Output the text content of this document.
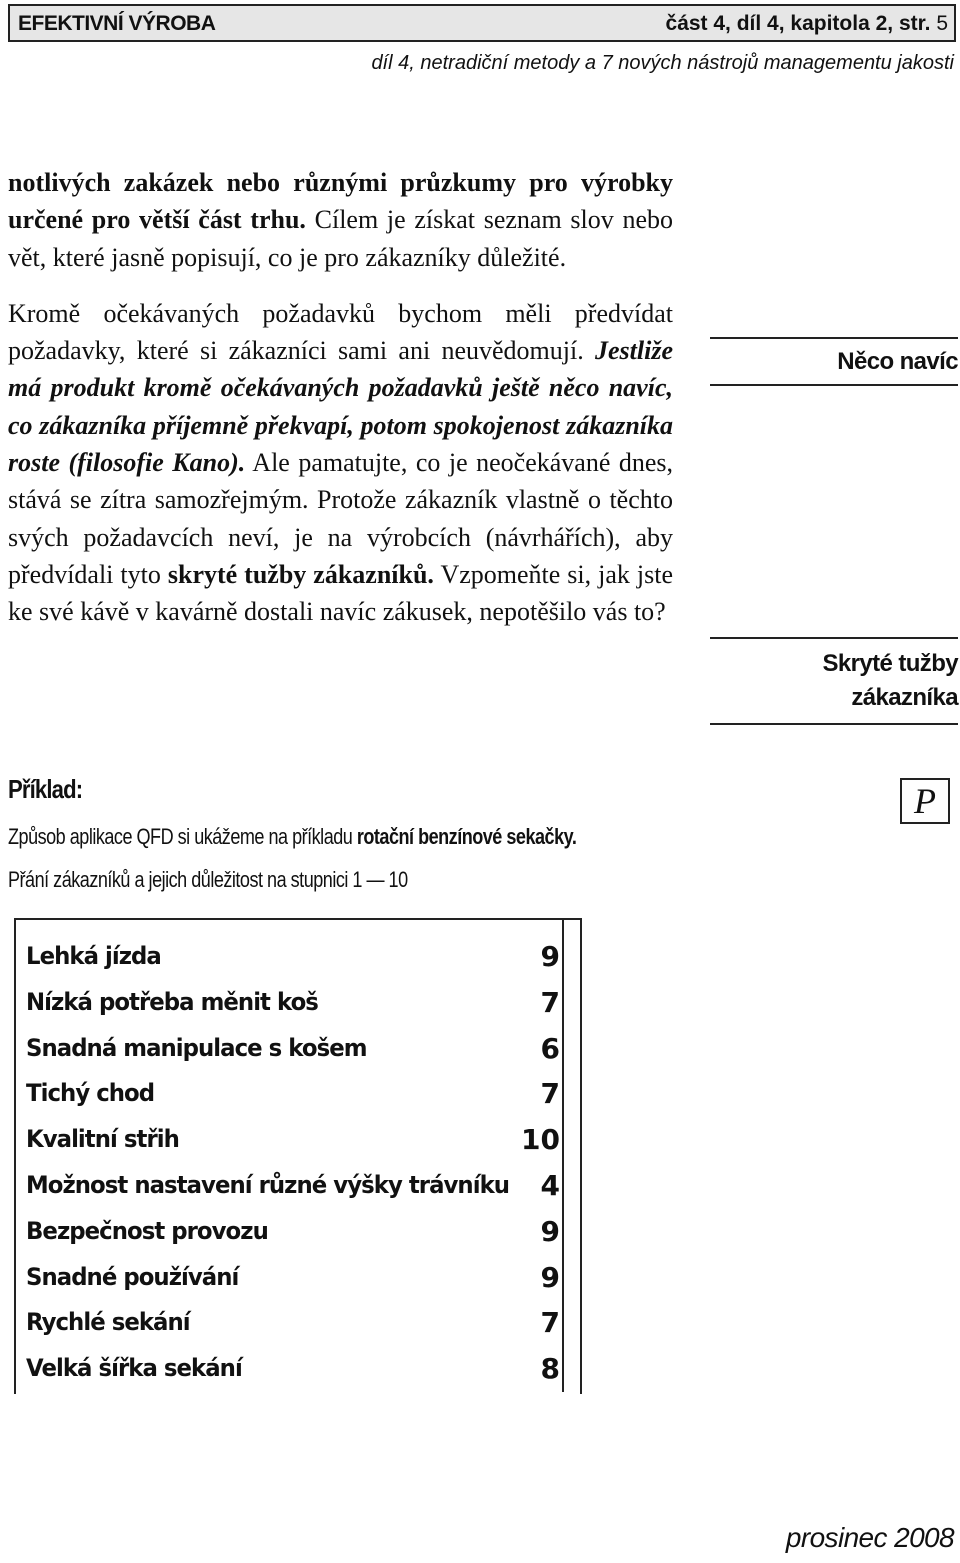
EFEKTIVNÍ VÝROBA	část 4, díl 4, kapitola 2, str. 5
díl 4, netradiční metody a 7 nových nástrojů managementu jakosti

notlivých zakázek nebo různými průzkumy pro výrobky určené pro větší část trhu. Cílem je získat seznam slov nebo vět, které jasně popisují, co je pro zákazníky důležité.

Kromě očekávaných požadavků bychom měli předvídat požadavky, které si zákazníci sami ani neuvědomují. Jestliže má produkt kromě očekávaných požadavků ještě něco navíc, co zákazníka příjemně překvapí, potom spokojenost zákazníka roste (filosofie Kano). Ale pamatujte, co je neočekávané dnes, stává se zítra samozřejmým. Protože zákazník vlastně o těchto svých požadavcích neví, je na výrobcích (návrhářích), aby předvídali tyto skryté tužby zákazníků. Vzpomeňte si, jak jste ke své kávě v kavárně dostali navíc zákusek, nepotěšilo vás to?

Něco navíc
Skryté tužby zákazníka
P
Příklad:
Způsob aplikace QFD si ukážeme na příkladu rotační benzínové sekačky.
Přání zákazníků a jejich důležitost na stupnici 1 — 10
Lehká jízda	9
Nízká potřeba měnit koš	7
Snadná manipulace s košem	6
Tichý chod	7
Kvalitní střih	10
Možnost nastavení různé výšky trávníku 4
Bezpečnost provozu	9
Snadné používání	9
Rychlé sekání	7
Velká šířka sekání	8
prosinec 2008
